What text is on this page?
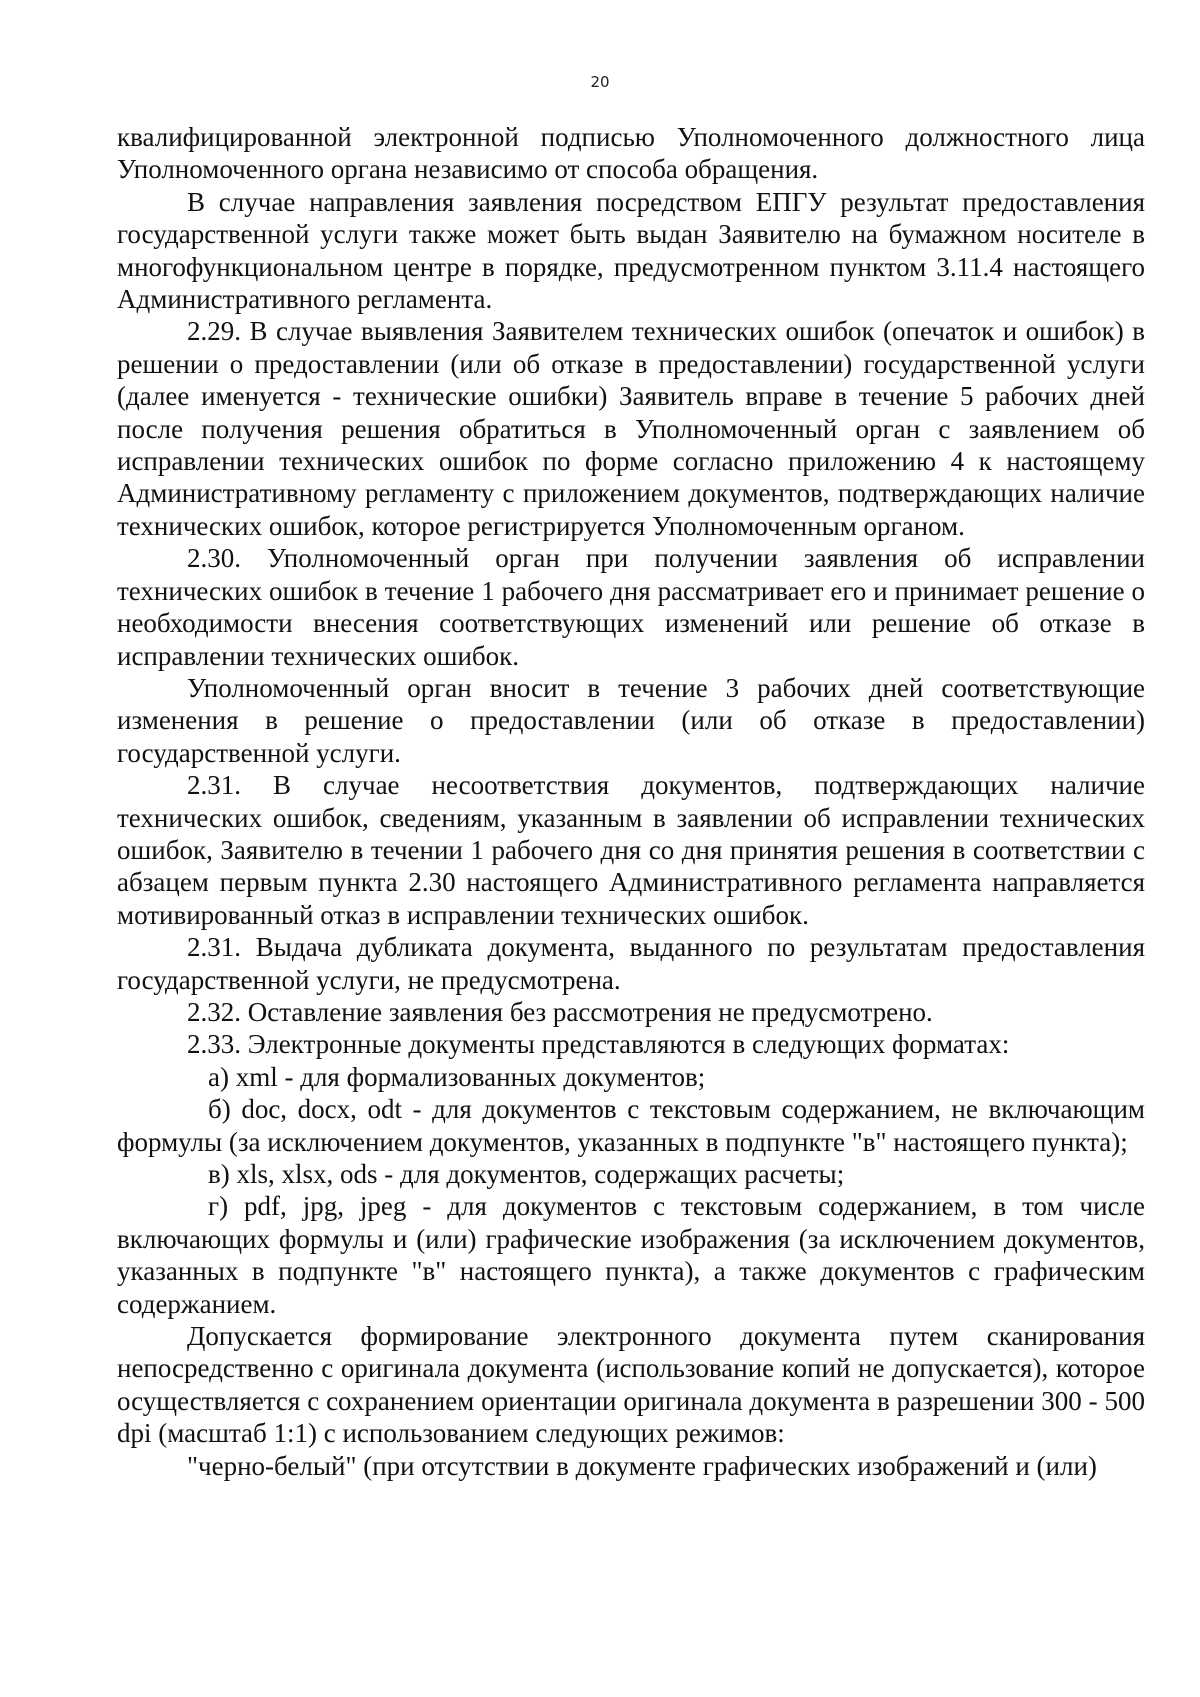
20

квалифицированной электронной подписью Уполномоченного должностного лица Уполномоченного органа независимо от способа обращения.

В случае направления заявления посредством ЕПГУ результат предоставления государственной услуги также может быть выдан Заявителю на бумажном носителе в многофункциональном центре в порядке, предусмотренном пунктом 3.11.4 настоящего Административного регламента.

2.29. В случае выявления Заявителем технических ошибок (опечаток и ошибок) в решении о предоставлении (или об отказе в предоставлении) государственной услуги (далее именуется - технические ошибки) Заявитель вправе в течение 5 рабочих дней после получения решения обратиться в Уполномоченный орган с заявлением об исправлении технических ошибок по форме согласно приложению 4 к настоящему Административному регламенту с приложением документов, подтверждающих наличие технических ошибок, которое регистрируется Уполномоченным органом.

2.30. Уполномоченный орган при получении заявления об исправлении технических ошибок в течение 1 рабочего дня рассматривает его и принимает решение о необходимости внесения соответствующих изменений или решение об отказе в исправлении технических ошибок.

Уполномоченный орган вносит в течение 3 рабочих дней соответствующие изменения в решение о предоставлении (или об отказе в предоставлении) государственной услуги.

2.31. В случае несоответствия документов, подтверждающих наличие технических ошибок, сведениям, указанным в заявлении об исправлении технических ошибок, Заявителю в течении 1 рабочего дня со дня принятия решения в соответствии с абзацем первым пункта 2.30 настоящего Административного регламента направляется мотивированный отказ в исправлении технических ошибок.

2.31. Выдача дубликата документа, выданного по результатам предоставления государственной услуги, не предусмотрена.

2.32. Оставление заявления без рассмотрения не предусмотрено.

2.33. Электронные документы представляются в следующих форматах:

а) xml - для формализованных документов;

б) doc, docx, odt - для документов с текстовым содержанием, не включающим формулы (за исключением документов, указанных в подпункте "в" настоящего пункта);

в) xls, xlsx, ods - для документов, содержащих расчеты;

г) pdf, jpg, jpeg - для документов с текстовым содержанием, в том числе включающих формулы и (или) графические изображения (за исключением документов, указанных в подпункте "в" настоящего пункта), а также документов с графическим содержанием.

Допускается формирование электронного документа путем сканирования непосредственно с оригинала документа (использование копий не допускается), которое осуществляется с сохранением ориентации оригинала документа в разрешении 300 - 500 dpi (масштаб 1:1) с использованием следующих режимов:

"черно-белый" (при отсутствии в документе графических изображений и (или)
